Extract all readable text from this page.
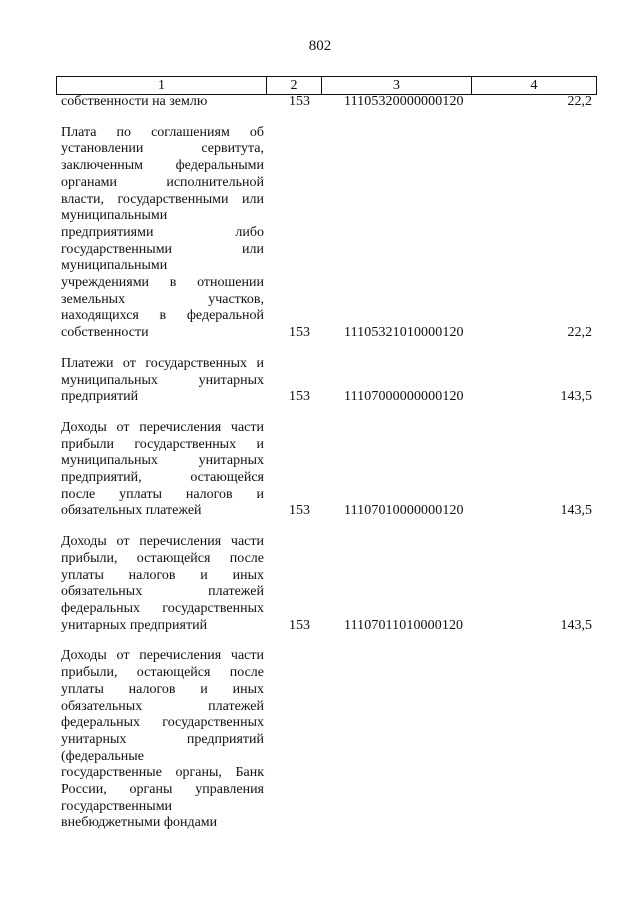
802
1	2	3	4
собственности на землю	153 11105320000000120	22,2
Плата по соглашениям об
установлении сервитута,
заключенным федеральными
органами исполнительной
власти, государственными или
муниципальными
предприятиями либо
государственными или
муниципальными
учреждениями в отношении
земельных участков,
находящихся в федеральной
собственности	153 11105321010000120	22,2
Платежи от государственных и
муниципальных унитарных
предприятий	153 11107000000000120	143,5
Доходы от перечисления части
прибыли государственных и
муниципальных унитарных
предприятий, остающейся
после уплаты налогов и
обязательных платежей	153 11107010000000120	143,5
Доходы от перечисления части
прибыли, остающейся после
уплаты налогов и иных
обязательных платежей
федеральных государственных
унитарных предприятий	153 11107011010000120	143,5
Доходы от перечисления части
прибыли, остающейся после
уплаты налогов и иных
обязательных платежей
федеральных государственных
унитарных предприятий
(федеральные
государственные органы, Банк
России, органы управления
государственными
внебюджетными фондами
